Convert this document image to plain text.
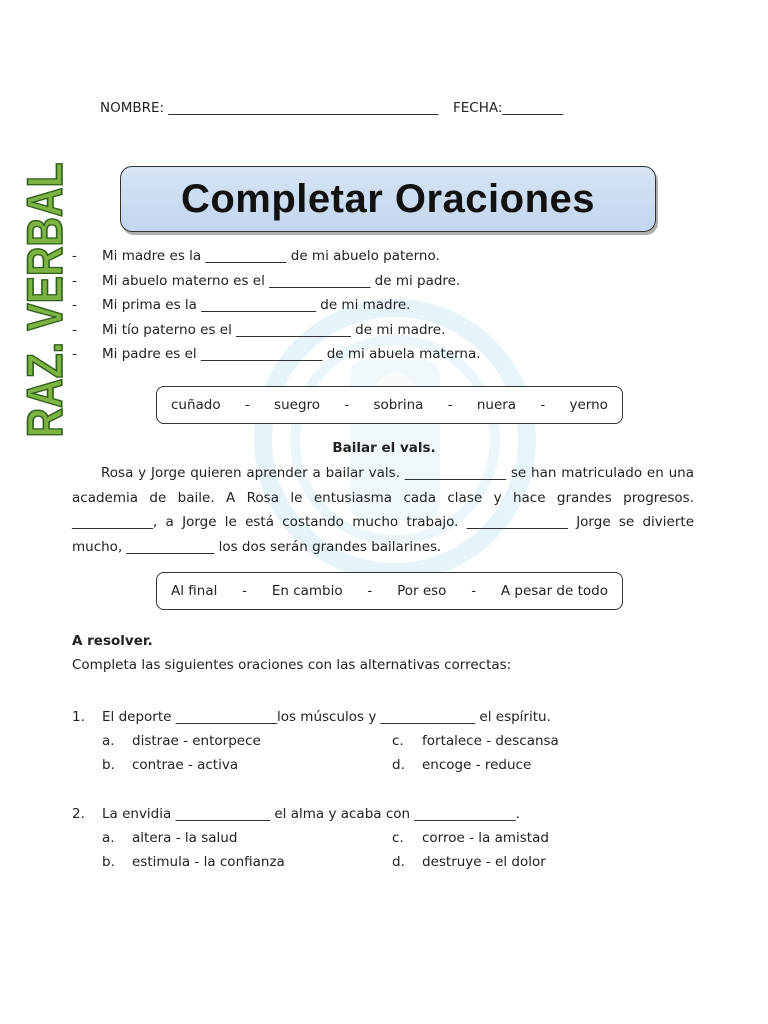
NOMBRE: ________________________________________ FECHA:_________
RAZ. VERBAL	Completar Oraciones
- Mi madre es la ____________ de mi abuelo paterno.
- Mi abuelo materno es el _______________ de mi padre.
- Mi prima es la _________________ de mi madre.
- Mi tío paterno es el _________________ de mi madre.
- Mi padre es el __________________ de mi abuela materna.
cuñado - suegro - sobrina - nuera - yerno
Bailar el vals.

Rosa y Jorge quieren aprender a bailar vals. _______________ se han matriculado en una academia de baile. A Rosa le entusiasma cada clase y hace grandes progresos. ____________, a Jorge le está costando mucho trabajo. _______________ Jorge se divierte mucho, _____________ los dos serán grandes bailarines.

Al final - En cambio - Por eso - A pesar de todo
A resolver.
Completa las siguientes oraciones con las alternativas correctas:
1. El deporte _______________los músculos y ______________ el espíritu.
a. distrae - entorpece
b. contrae - activa
c. fortalece - descansa
d. encoge - reduce
2. La envidia ______________ el alma y acaba con _______________.
a. altera - la salud
b. estimula - la confianza
c. corroe - la amistad
d. destruye - el dolor
